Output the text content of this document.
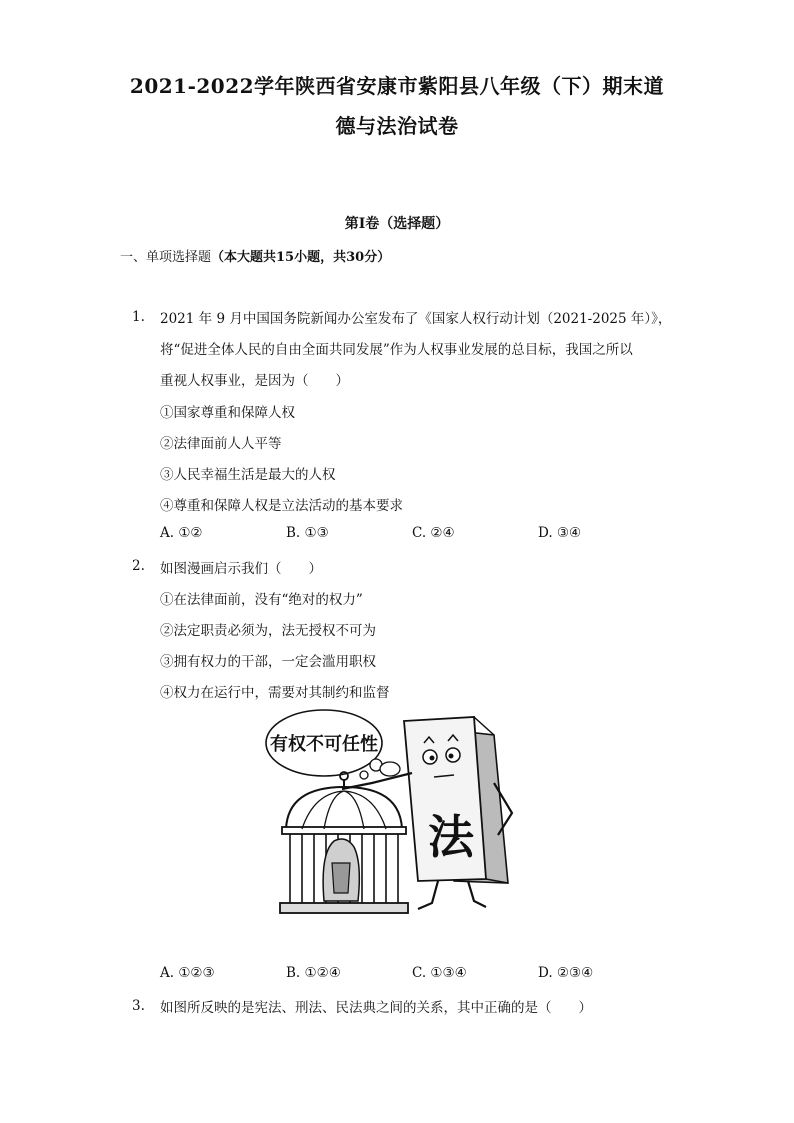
2021-2022学年陕西省安康市紫阳县八年级（下）期末道
德与法治试卷
第Ⅰ卷（选择题）
一、单项选择题（本大题共15小题，共30分）
1. 2021 年 9 月中国国务院新闻办公室发布了《国家人权行动计划（2021-2025 年）》，
将“促进全体人民的自由全面共同发展”作为人权事业发展的总目标，我国之所以
重视人权事业，是因为（　　）
①国家尊重和保障人权
②法律面前人人平等
③人民幸福生活是最大的人权
④尊重和保障人权是立法活动的基本要求
A. ①②	B. ①③	C. ②④	D. ③④
2. 如图漫画启示我们（　　）
①在法律面前，没有“绝对的权力”
②法定职责必须为，法无授权不可为
③拥有权力的干部，一定会滥用职权
④权力在运行中，需要对其制约和监督
有权不可任性
法
A. ①②③	B. ①②④	C. ①③④	D. ②③④
3. 如图所反映的是宪法、刑法、民法典之间的关系，其中正确的是（　　）
